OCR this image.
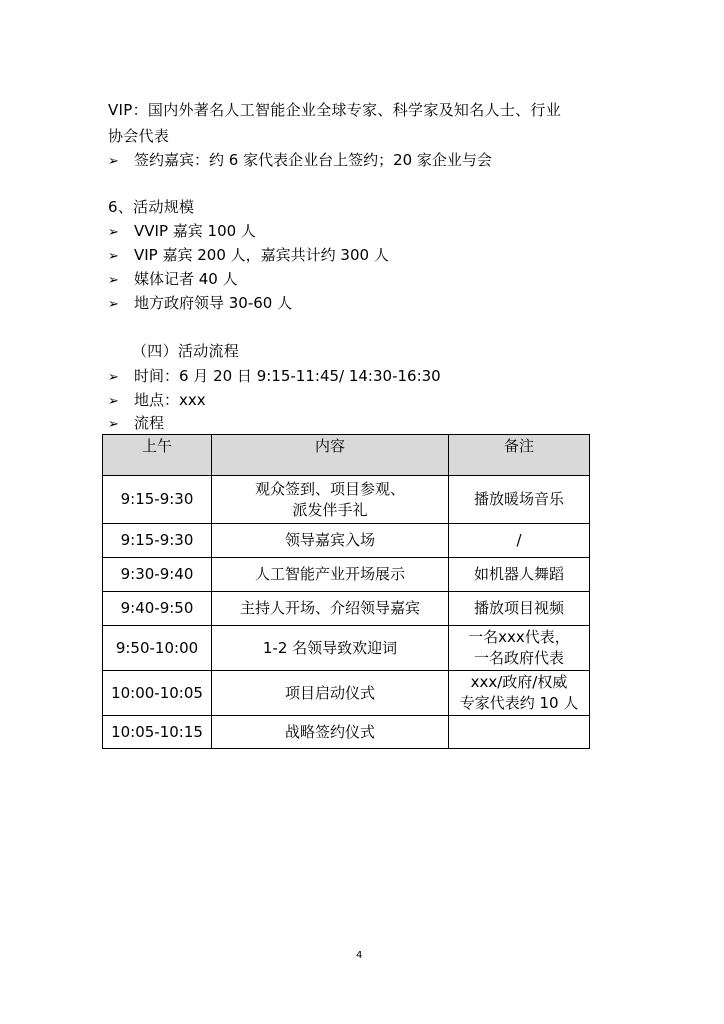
VIP：国内外著名人工智能企业全球专家、科学家及知名人士、行业
协会代表
➢ 签约嘉宾：约 6 家代表企业台上签约；20 家企业与会
6、活动规模
➢ VVIP 嘉宾 100 人
➢ VIP 嘉宾 200 人，嘉宾共计约 300 人
➢ 媒体记者 40 人
➢ 地方政府领导 30-60 人
（四）活动流程
➢ 时间：6 月 20 日 9:15-11:45/ 14:30-16:30
➢ 地点：xxx
➢ 流程
上午	内容	备注
9:15-9:30	观众签到、项目参观、
派发伴手礼	播放暖场音乐
9:15-9:30	领导嘉宾入场	/
9:30-9:40	人工智能产业开场展示	如机器人舞蹈
9:40-9:50	主持人开场、介绍领导嘉宾	播放项目视频
9:50-10:00	1-2 名领导致欢迎词	一名xxx代表，
一名政府代表

10:00-10:05	项目启动仪式	xxx/政府/权威
专家代表约 10 人

10:05-10:15	战略签约仪式	
4
